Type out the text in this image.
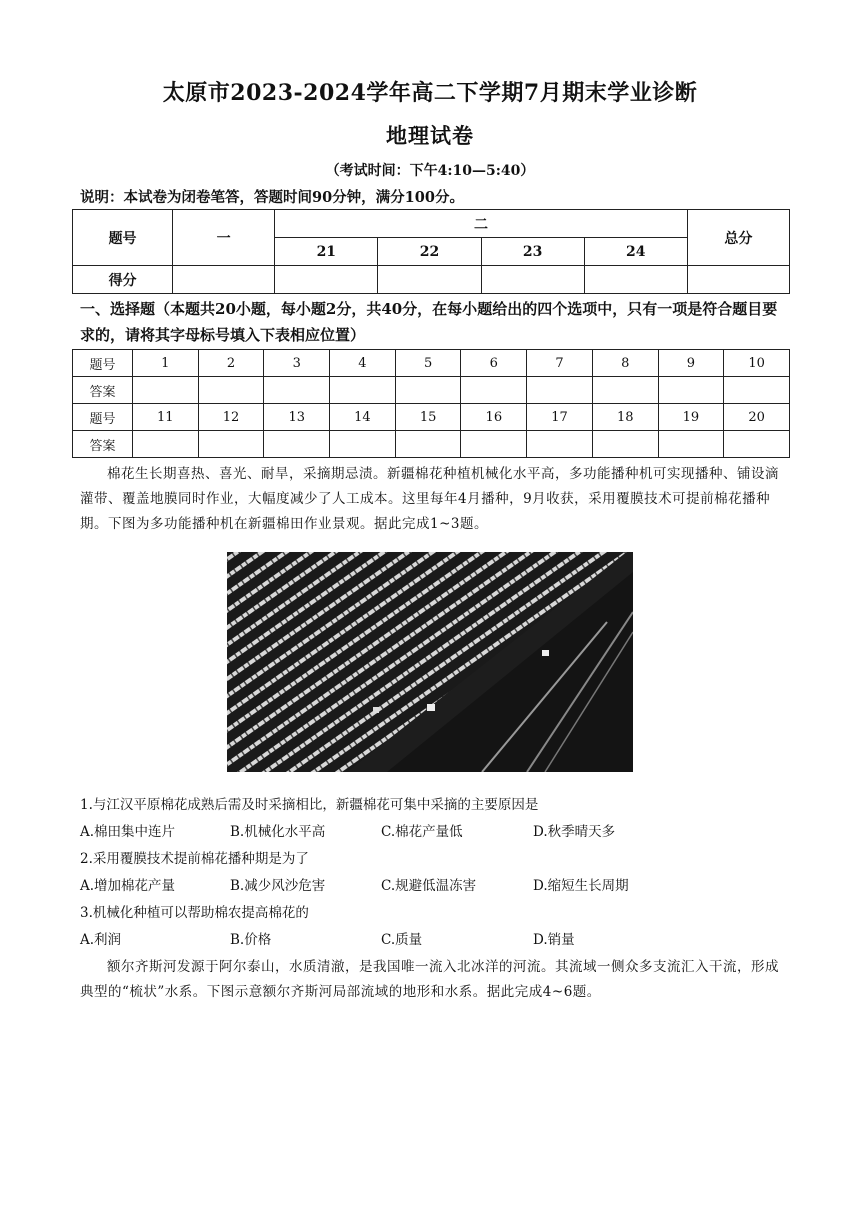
太原市2023-2024学年高二下学期7月期末学业诊断
地理试卷
（考试时间：下午4:10—5:40）
说明：本试卷为闭卷笔答，答题时间90分钟，满分100分。
题号	一	二				总分
		21	22	23	24	
得分						
一、选择题（本题共20小题，每小题2分，共40分，在每小题给出的四个选项中，只有一项是符合题目要求的，请将其字母标号填入下表相应位置）
题号	1	2	3	4	5	6	7	8	9	10
答案										
题号	11	12	13	14	15	16	17	18	19	20
答案										
棉花生长期喜热、喜光、耐旱，采摘期忌渍。新疆棉花种植机械化水平高，多功能播种机可实现播种、铺设滴灌带、覆盖地膜同时作业，大幅度减少了人工成本。这里每年4月播种，9月收获，采用覆膜技术可提前棉花播种期。下图为多功能播种机在新疆棉田作业景观。据此完成1~3题。
1.与江汉平原棉花成熟后需及时采摘相比，新疆棉花可集中采摘的主要原因是
A.棉田集中连片	B.机械化水平高	C.棉花产量低	D.秋季晴天多
2.采用覆膜技术提前棉花播种期是为了
A.增加棉花产量	B.减少风沙危害	C.规避低温冻害	D.缩短生长周期
3.机械化种植可以帮助棉农提高棉花的
A.利润	B.价格	C.质量	D.销量
额尔齐斯河发源于阿尔泰山，水质清澈，是我国唯一流入北冰洋的河流。其流域一侧众多支流汇入干流，形成典型的“梳状”水系。下图示意额尔齐斯河局部流域的地形和水系。据此完成4~6题。
